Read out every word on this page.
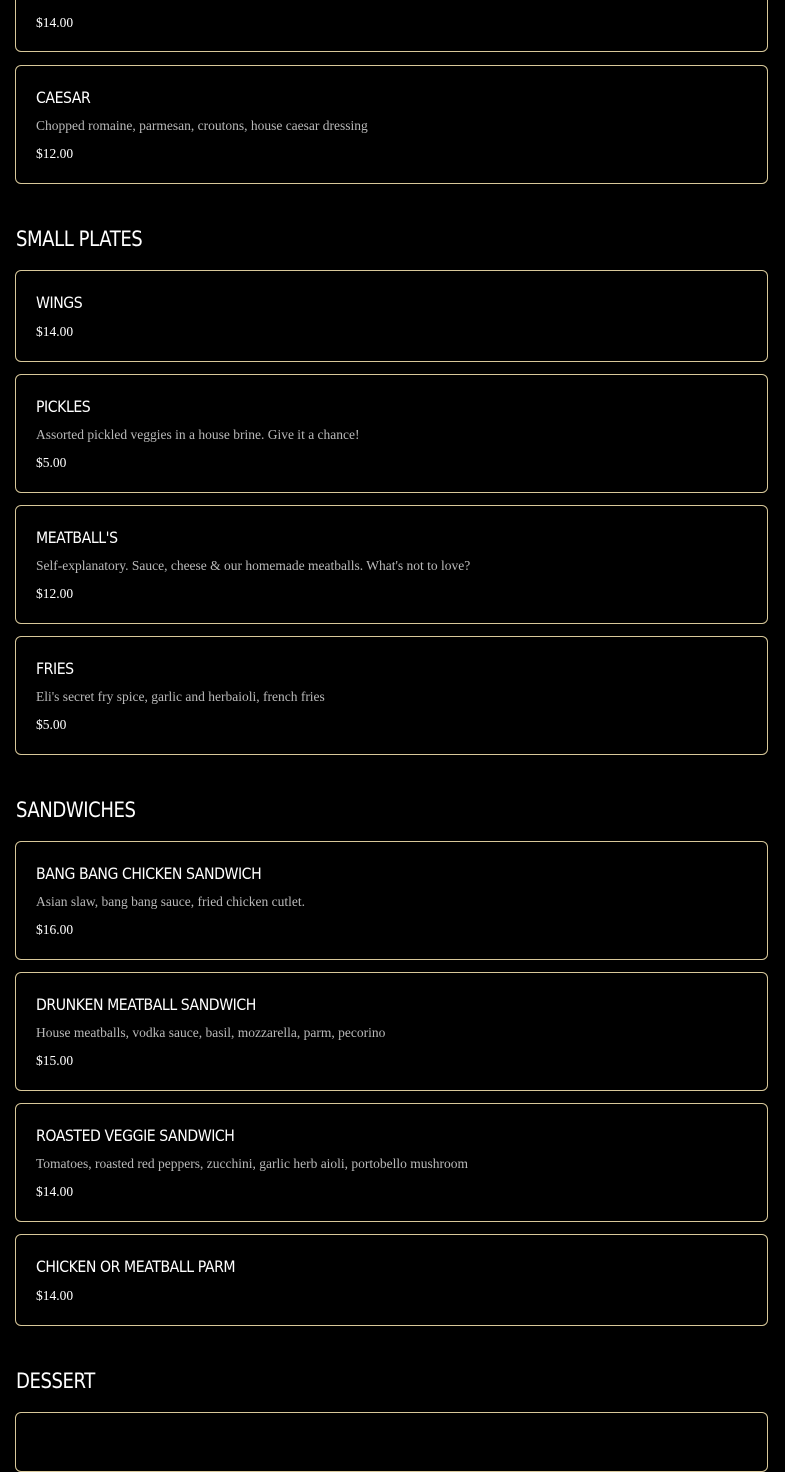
$14.00
CAESAR
Chopped romaine, parmesan, croutons, house caesar dressing
$12.00
SMALL PLATES
WINGS
$14.00
PICKLES
Assorted pickled veggies in a house brine. Give it a chance!
$5.00
MEATBALL'S
Self-explanatory. Sauce, cheese & our homemade meatballs. What's not to love?
$12.00
FRIES
Eli's secret fry spice, garlic and herbaioli, french fries
$5.00
SANDWICHES
BANG BANG CHICKEN SANDWICH
Asian slaw, bang bang sauce, fried chicken cutlet.
$16.00
DRUNKEN MEATBALL SANDWICH
House meatballs, vodka sauce, basil, mozzarella, parm, pecorino
$15.00
ROASTED VEGGIE SANDWICH
Tomatoes, roasted red peppers, zucchini, garlic herb aioli, portobello mushroom
$14.00
CHICKEN OR MEATBALL PARM
$14.00
DESSERT
